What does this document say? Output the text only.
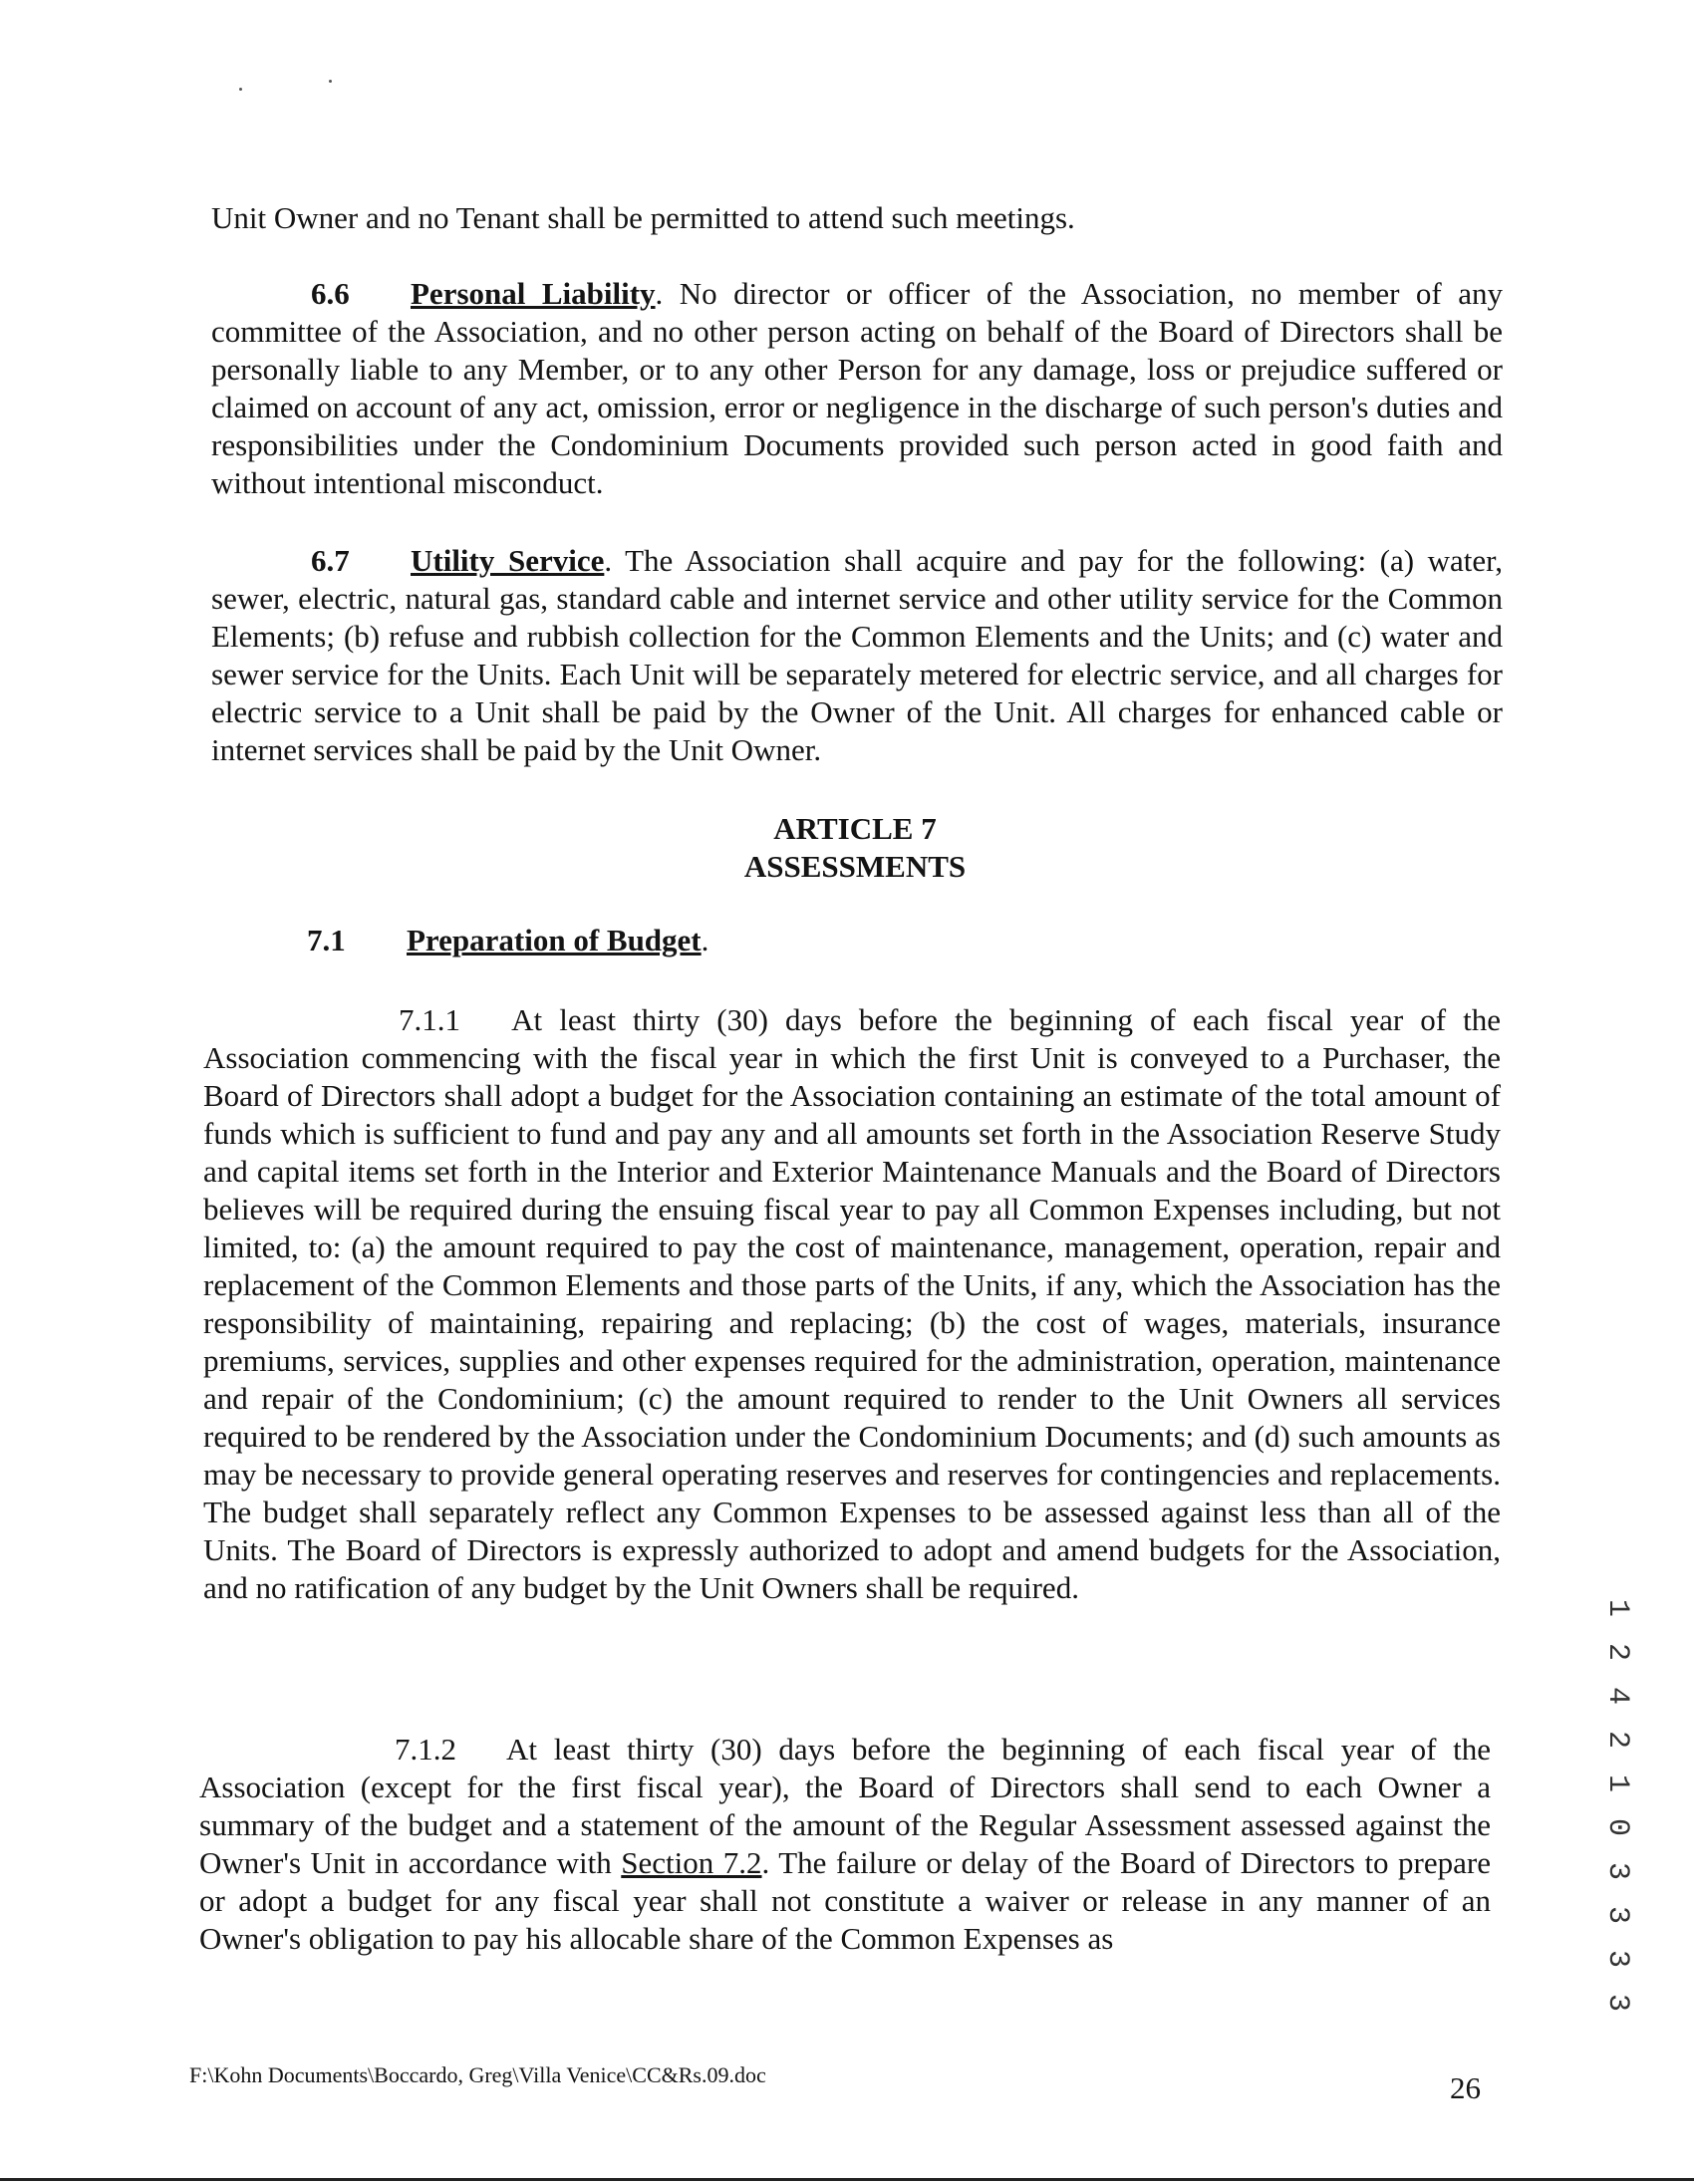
Unit Owner and no Tenant shall be permitted to attend such meetings.

6.6 Personal Liability. No director or officer of the Association, no member of any committee of the Association, and no other person acting on behalf of the Board of Directors shall be personally liable to any Member, or to any other Person for any damage, loss or prejudice suffered or claimed on account of any act, omission, error or negligence in the discharge of such person's duties and responsibilities under the Condominium Documents provided such person acted in good faith and without intentional misconduct.

6.7 Utility Service. The Association shall acquire and pay for the following: (a) water, sewer, electric, natural gas, standard cable and internet service and other utility service for the Common Elements; (b) refuse and rubbish collection for the Common Elements and the Units; and (c) water and sewer service for the Units. Each Unit will be separately metered for electric service, and all charges for electric service to a Unit shall be paid by the Owner of the Unit. All charges for enhanced cable or internet services shall be paid by the Unit Owner.

ARTICLE 7
ASSESSMENTS
7.1 Preparation of Budget.

7.1.1 At least thirty (30) days before the beginning of each fiscal year of the Association commencing with the fiscal year in which the first Unit is conveyed to a Purchaser, the Board of Directors shall adopt a budget for the Association containing an estimate of the total amount of funds which is sufficient to fund and pay any and all amounts set forth in the Association Reserve Study and capital items set forth in the Interior and Exterior Maintenance Manuals and the Board of Directors believes will be required during the ensuing fiscal year to pay all Common Expenses including, but not limited, to: (a) the amount required to pay the cost of maintenance, management, operation, repair and replacement of the Common Elements and those parts of the Units, if any, which the Association has the responsibility of maintaining, repairing and replacing; (b) the cost of wages, materials, insurance premiums, services, supplies and other expenses required for the administration, operation, maintenance and repair of the Condominium; (c) the amount required to render to the Unit Owners all services required to be rendered by the Association under the Condominium Documents; and (d) such amounts as may be necessary to provide general operating reserves and reserves for contingencies and replacements. The budget shall separately reflect any Common Expenses to be assessed against less than all of the Units. The Board of Directors is expressly authorized to adopt and amend budgets for the Association, and no ratification of any budget by the Unit Owners shall be required.

7.1.2 At least thirty (30) days before the beginning of each fiscal year of the Association (except for the first fiscal year), the Board of Directors shall send to each Owner a summary of the budget and a statement of the amount of the Regular Assessment assessed against the Owner's Unit in accordance with Section 7.2. The failure or delay of the Board of Directors to prepare or adopt a budget for any fiscal year shall not constitute a waiver or release in any manner of an Owner's obligation to pay his allocable share of the Common Expenses as

F:\Kohn Documents\Boccardo, Greg\Villa Venice\CC&Rs.09.doc	26
1 2 4 2 1 0 3 3 3 3
